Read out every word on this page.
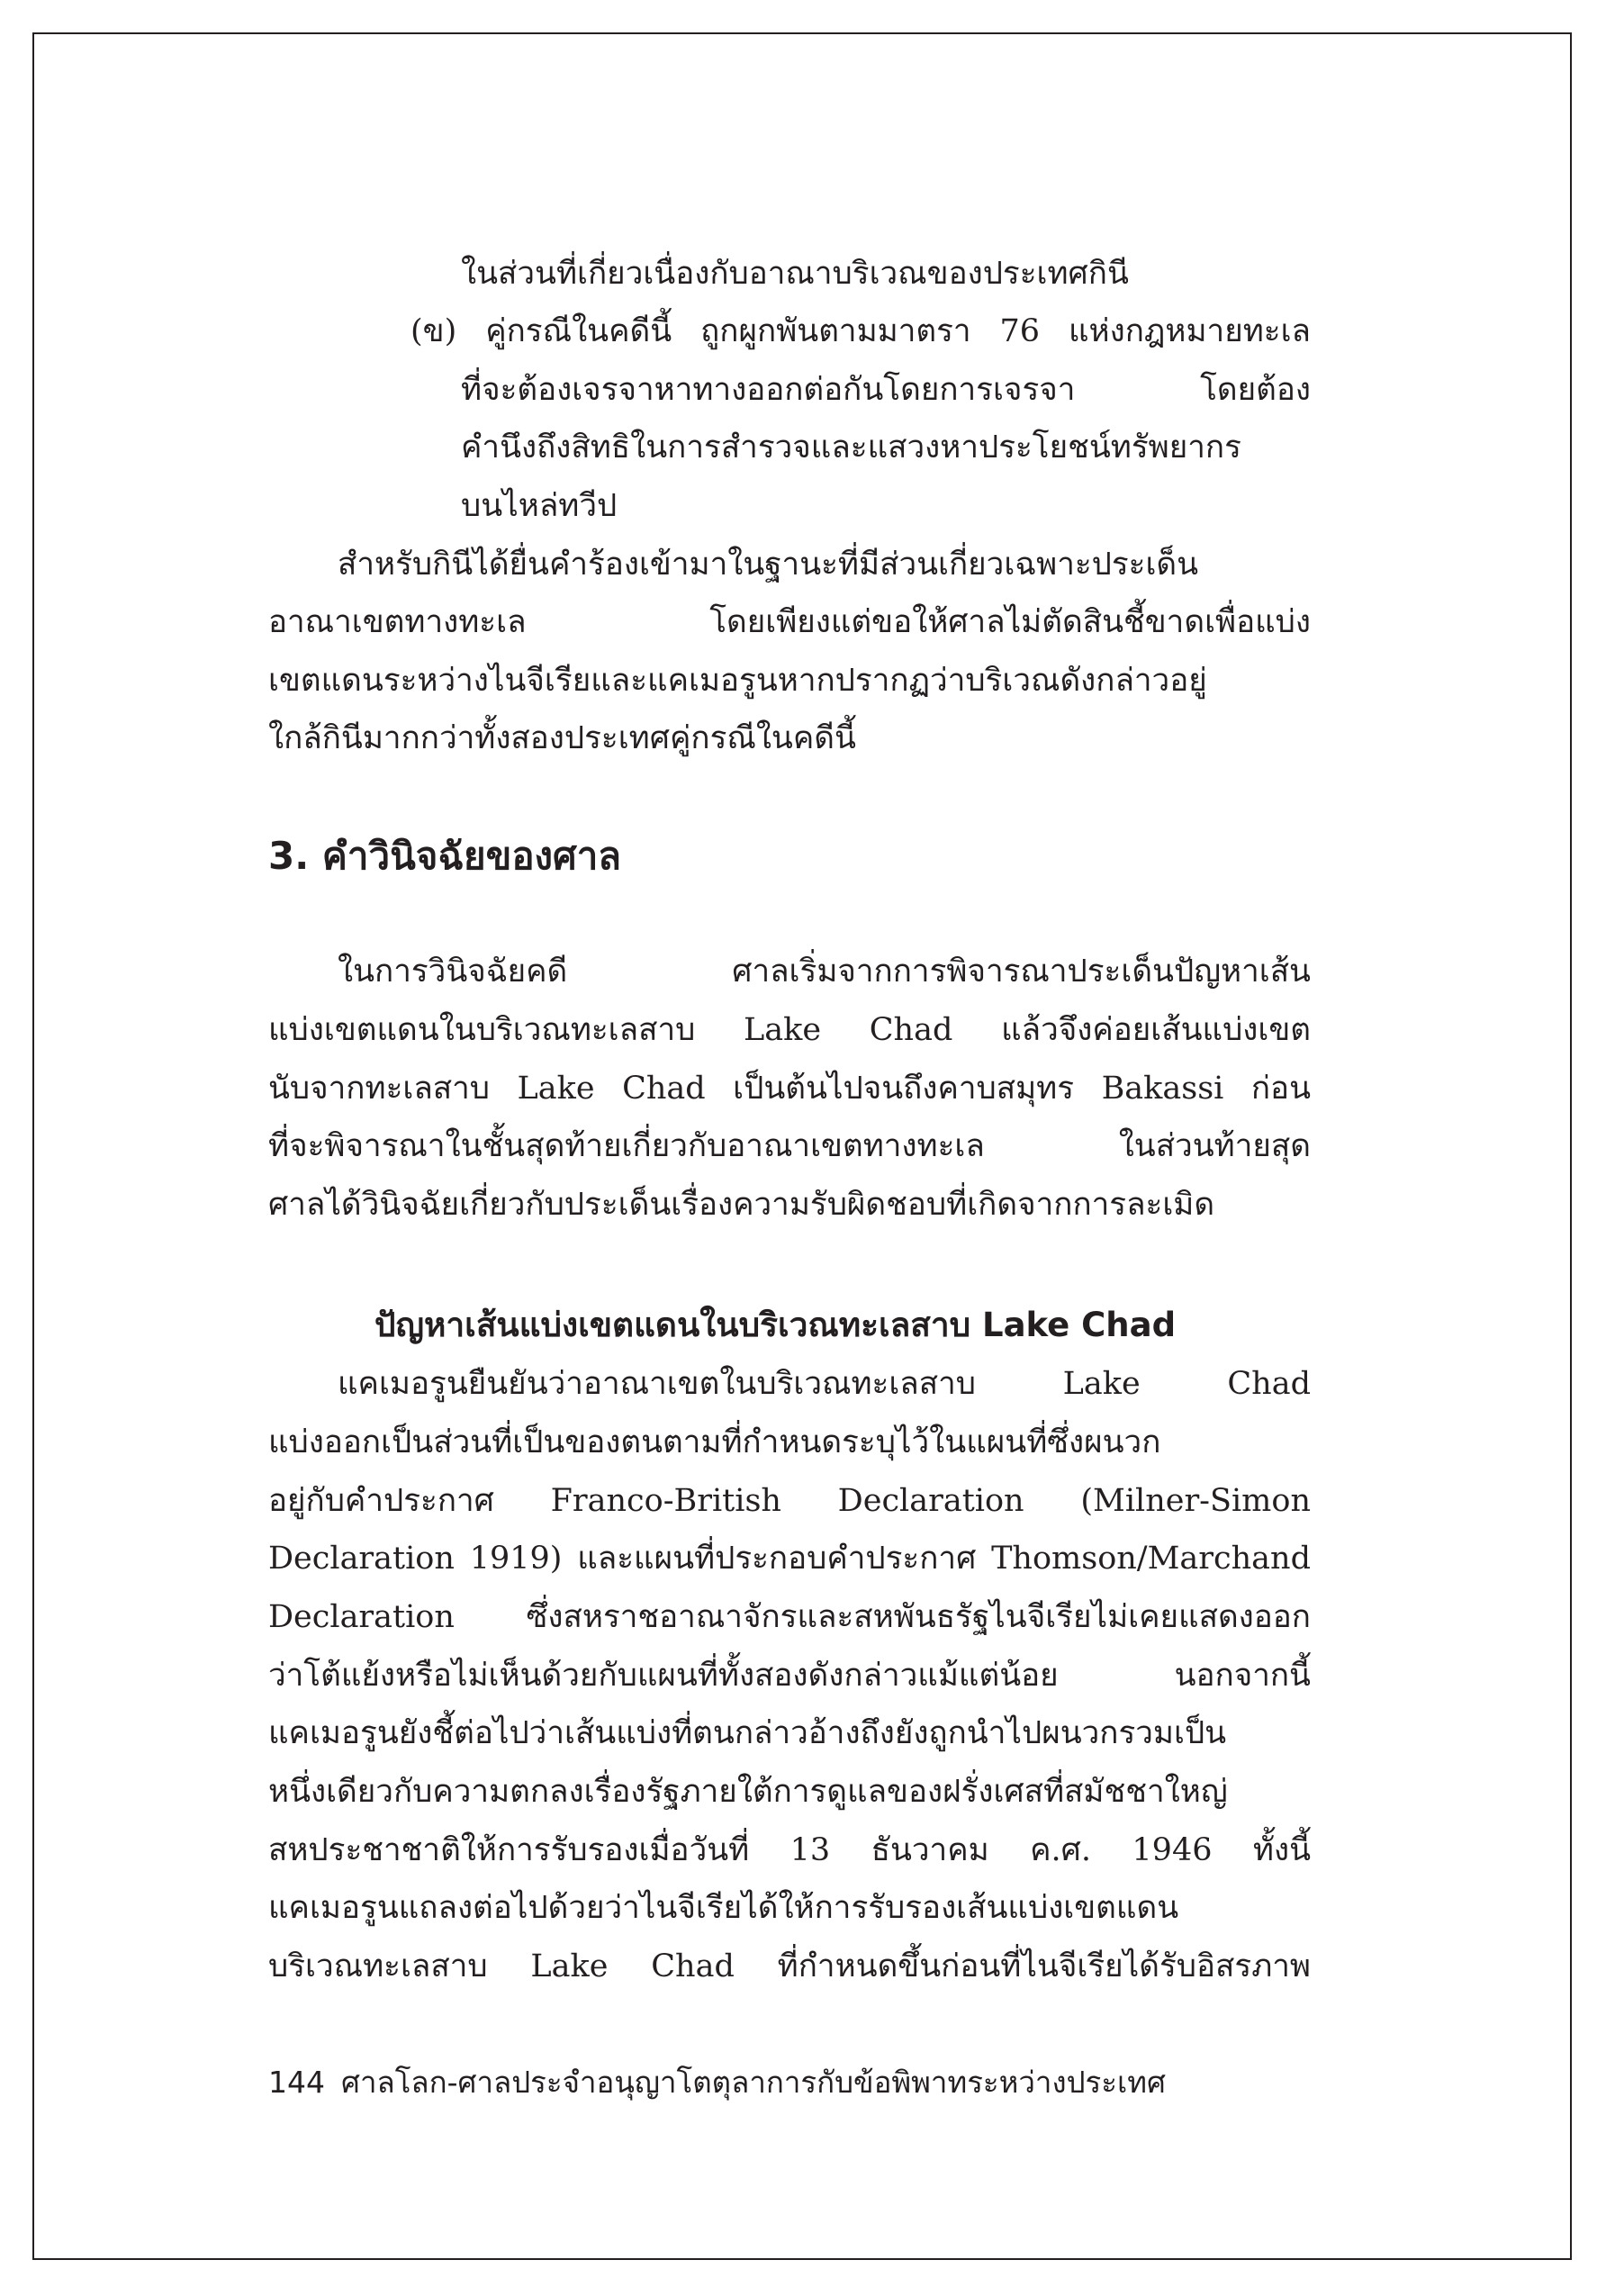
ในส่วนที่เกี่ยวเนื่องกับอาณาบริเวณของประเทศกินี
(ข) คู่กรณีในคดีนี้ ถูกผูกพันตามมาตรา 76 แห่งกฎหมายทะเล
ที่จะต้องเจรจาหาทางออกต่อกันโดยการเจรจา โดยต้อง
คำนึงถึงสิทธิในการสำรวจและแสวงหาประโยชน์ทรัพยากร
บนไหล่ทวีป
สำหรับกินีได้ยื่นคำร้องเข้ามาในฐานะที่มีส่วนเกี่ยวเฉพาะประเด็น
อาณาเขตทางทะเล โดยเพียงแต่ขอให้ศาลไม่ตัดสินชี้ขาดเพื่อแบ่ง
เขตแดนระหว่างไนจีเรียและแคเมอรูนหากปรากฏว่าบริเวณดังกล่าวอยู่
ใกล้กินีมากกว่าทั้งสองประเทศคู่กรณีในคดีนี้
3. คำวินิจฉัยของศาล
ในการวินิจฉัยคดี ศาลเริ่มจากการพิจารณาประเด็นปัญหาเส้น
แบ่งเขตแดนในบริเวณทะเลสาบ Lake Chad แล้วจึงค่อยเส้นแบ่งเขต
นับจากทะเลสาบ Lake Chad เป็นต้นไปจนถึงคาบสมุทร Bakassi ก่อน
ที่จะพิจารณาในชั้นสุดท้ายเกี่ยวกับอาณาเขตทางทะเล ในส่วนท้ายสุด
ศาลได้วินิจฉัยเกี่ยวกับประเด็นเรื่องความรับผิดชอบที่เกิดจากการละเมิด
ปัญหาเส้นแบ่งเขตแดนในบริเวณทะเลสาบ Lake Chad
แคเมอรูนยืนยันว่าอาณาเขตในบริเวณทะเลสาบ Lake Chad
แบ่งออกเป็นส่วนที่เป็นของตนตามที่กำหนดระบุไว้ในแผนที่ซึ่งผนวก
อยู่กับคำประกาศ Franco-British Declaration (Milner-Simon
Declaration 1919) และแผนที่ประกอบคำประกาศ Thomson/Marchand
Declaration ซึ่งสหราชอาณาจักรและสหพันธรัฐไนจีเรียไม่เคยแสดงออก
ว่าโต้แย้งหรือไม่เห็นด้วยกับแผนที่ทั้งสองดังกล่าวแม้แต่น้อย นอกจากนี้
แคเมอรูนยังชี้ต่อไปว่าเส้นแบ่งที่ตนกล่าวอ้างถึงยังถูกนำไปผนวกรวมเป็น
หนึ่งเดียวกับความตกลงเรื่องรัฐภายใต้การดูแลของฝรั่งเศสที่สมัชชาใหญ่
สหประชาชาติให้การรับรองเมื่อวันที่ 13 ธันวาคม ค.ศ. 1946 ทั้งนี้
แคเมอรูนแถลงต่อไปด้วยว่าไนจีเรียได้ให้การรับรองเส้นแบ่งเขตแดน
บริเวณทะเลสาบ Lake Chad ที่กำหนดขึ้นก่อนที่ไนจีเรียได้รับอิสรภาพ
144 ศาลโลก-ศาลประจำอนุญาโตตุลาการกับข้อพิพาทระหว่างประเทศ
